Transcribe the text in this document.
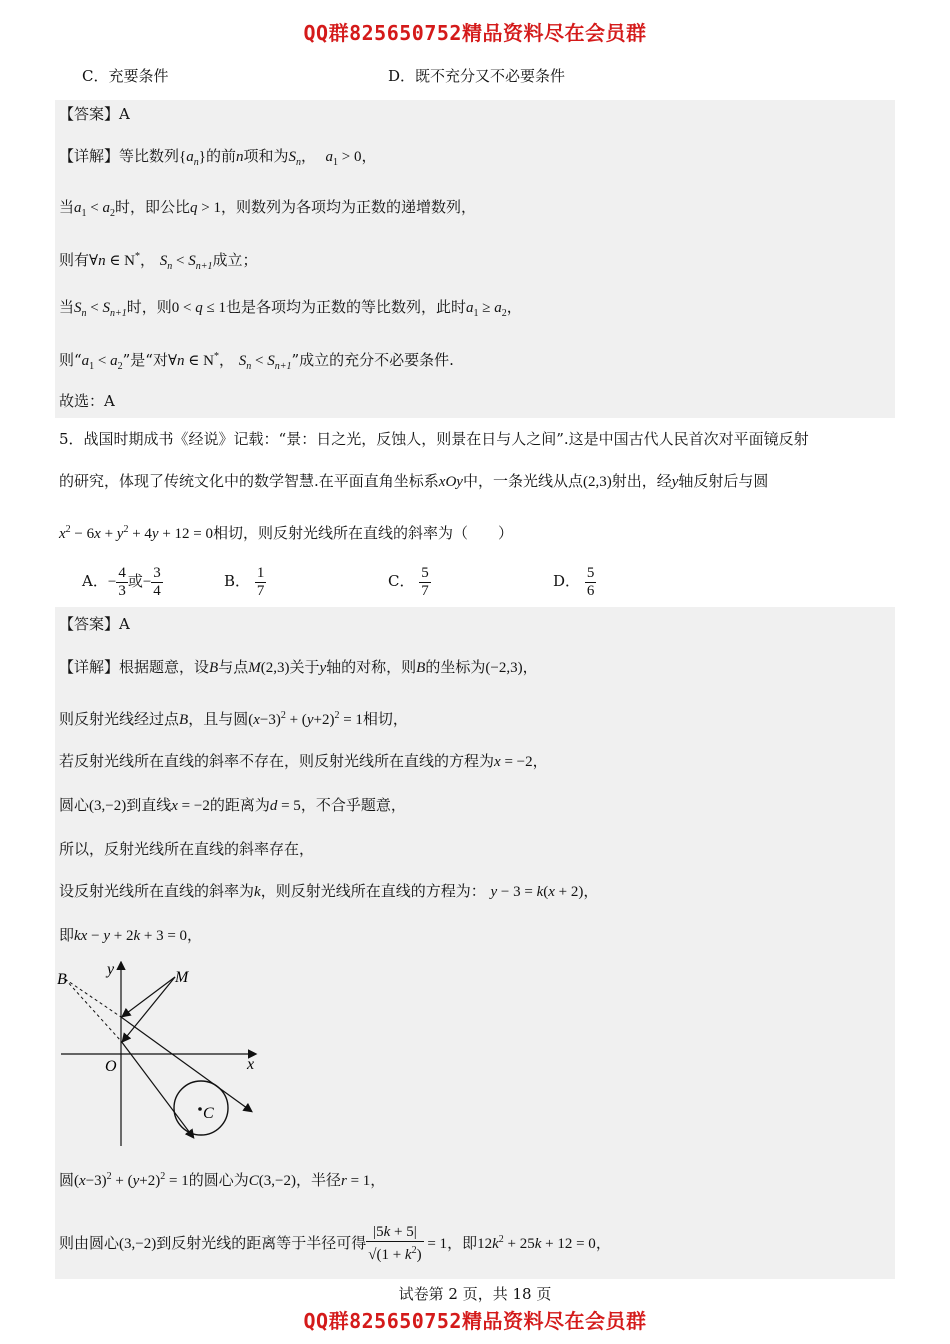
QQ群825650752精品资料尽在会员群
C．充要条件	D．既不充分又不必要条件
【答案】A
【详解】等比数列$\{a_n\}$的前n项和为$S_n$， $a_1 > 0$，
当$a_1 < a_2$时，即公比q > 1，则数列为各项均为正数的递增数列，
则有∀n ∈ N*， $S_n < S_{n+1}$成立；
当$S_n < S_{n+1}$时，则0 < q ≤ 1也是各项均为正数的等比数列，此时$a_1 \ge a_2$，
则“$a_1 < a_2$”是“对∀n ∈ N*， $S_n < S_{n+1}$”成立的充分不必要条件.
故选：A
5．战国时期成书《经说》记载：“景：日之光，反蚀人，则景在日与人之间”.这是中国古代人民首次对平面镜反射
的研究，体现了传统文化中的数学智慧.在平面直角坐标系xOy中，一条光线从点(2,3)射出，经y轴反射后与圆
$x^2 - 6x + y^2 + 4y + 12 = 0$相切，则反射光线所在直线的斜率为（　　）
A．− $\frac{4}{3}$ 或− $\frac{3}{4}$	B． $\frac{1}{7}$	C． $\frac{5}{7}$	D． $\frac{5}{6}$
【答案】A
【详解】根据题意，设B与点M(2,3)关于y轴的对称，则B的坐标为(−2,3)，
则反射光线经过点B，且与圆$(x-3)^2 + (y+2)^2 = 1$相切，
若反射光线所在直线的斜率不存在，则反射光线所在直线的方程为x = −2，
圆心(3,−2)到直线x = −2的距离为d = 5，不合乎题意，
所以，反射光线所在直线的斜率存在，
设反射光线所在直线的斜率为k，则反射光线所在直线的方程为： y − 3 = k(x + 2)，
即kx − y + 2k + 3 = 0，
B
y	M
O	x
C
圆$(x-3)^2 + (y+2)^2 = 1$的圆心为C(3,−2)，半径r = 1，
则由圆心(3,−2)到反射光线的距离等于半径可得 $\frac{|5k + 5|}{√(1 + k^2)} = 1$，即$12k^2 + 25k + 12 = 0$，
试卷第 2 页，共 18 页
QQ群825650752精品资料尽在会员群
